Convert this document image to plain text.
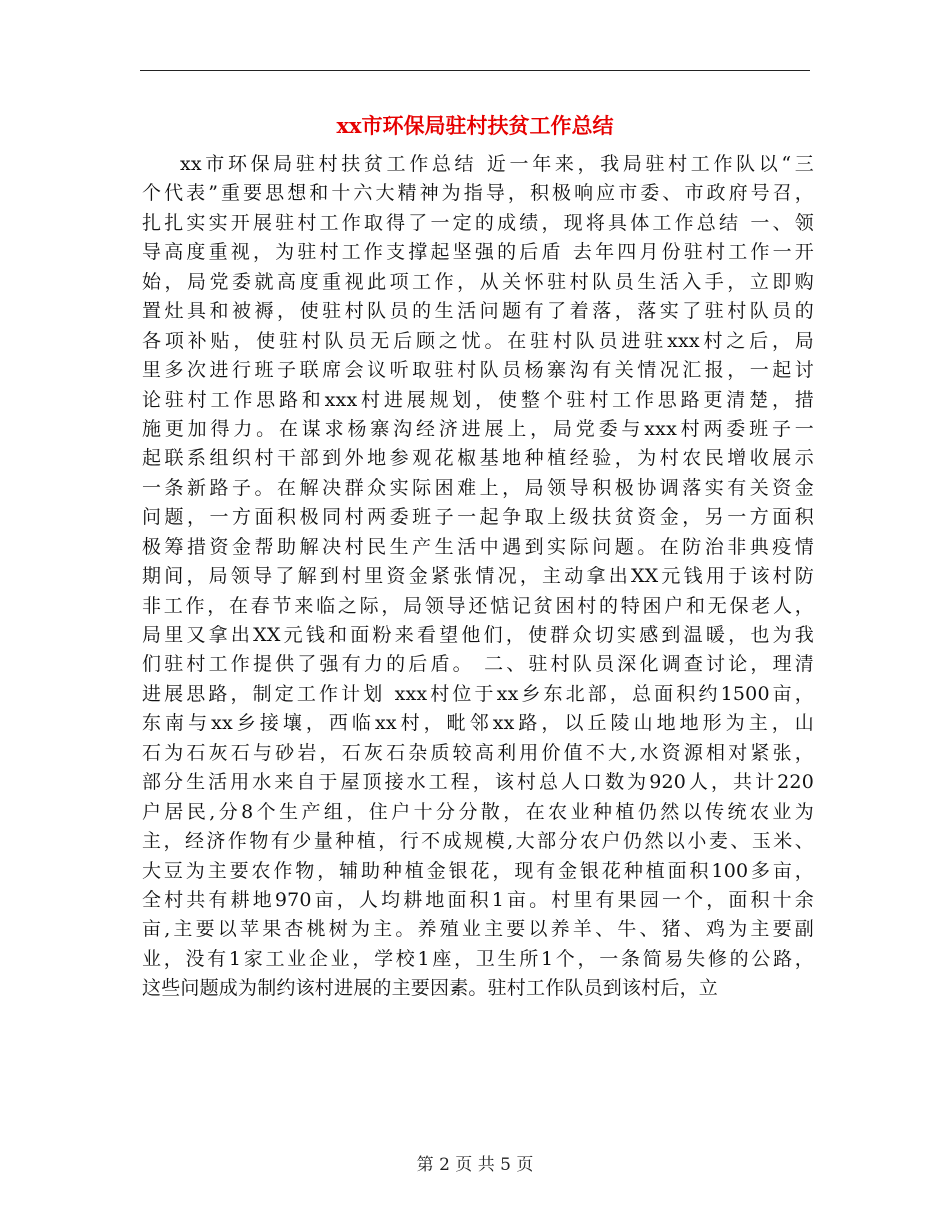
xx市环保局驻村扶贫工作总结
xx市环保局驻村扶贫工作总结 近一年来，我局驻村工作队以“三
个代表”重要思想和十六大精神为指导，积极响应市委、市政府号召，
扎扎实实开展驻村工作取得了一定的成绩，现将具体工作总结 一、领
导高度重视，为驻村工作支撑起坚强的后盾 去年四月份驻村工作一开
始，局党委就高度重视此项工作，从关怀驻村队员生活入手，立即购
置灶具和被褥，使驻村队员的生活问题有了着落，落实了驻村队员的
各项补贴，使驻村队员无后顾之忧。在驻村队员进驻xxx村之后，局
里多次进行班子联席会议听取驻村队员杨寨沟有关情况汇报，一起讨
论驻村工作思路和xxx村进展规划，使整个驻村工作思路更清楚，措
施更加得力。在谋求杨寨沟经济进展上，局党委与xxx村两委班子一
起联系组织村干部到外地参观花椒基地种植经验，为村农民增收展示
一条新路子。在解决群众实际困难上，局领导积极协调落实有关资金
问题，一方面积极同村两委班子一起争取上级扶贫资金，另一方面积
极筹措资金帮助解决村民生产生活中遇到实际问题。在防治非典疫情
期间，局领导了解到村里资金紧张情况，主动拿出XX元钱用于该村防
非工作，在春节来临之际，局领导还惦记贫困村的特困户和无保老人，
局里又拿出XX元钱和面粉来看望他们，使群众切实感到温暖，也为我
们驻村工作提供了强有力的后盾。 二、驻村队员深化调查讨论，理清
进展思路，制定工作计划 xxx村位于xx乡东北部，总面积约1500亩，
东南与xx乡接壤，西临xx村，毗邻xx路，以丘陵山地地形为主，山
石为石灰石与砂岩，石灰石杂质较高利用价值不大,水资源相对紧张，
部分生活用水来自于屋顶接水工程，该村总人口数为920人，共计220
户居民,分8个生产组，住户十分分散，在农业种植仍然以传统农业为
主，经济作物有少量种植，行不成规模,大部分农户仍然以小麦、玉米、
大豆为主要农作物，辅助种植金银花，现有金银花种植面积100多亩，
全村共有耕地970亩，人均耕地面积1亩。村里有果园一个，面积十余
亩,主要以苹果杏桃树为主。养殖业主要以养羊、牛、猪、鸡为主要副
业，没有1家工业企业，学校1座，卫生所1个，一条简易失修的公路，
这些问题成为制约该村进展的主要因素。驻村工作队员到该村后，立

第 2 页 共 5 页
